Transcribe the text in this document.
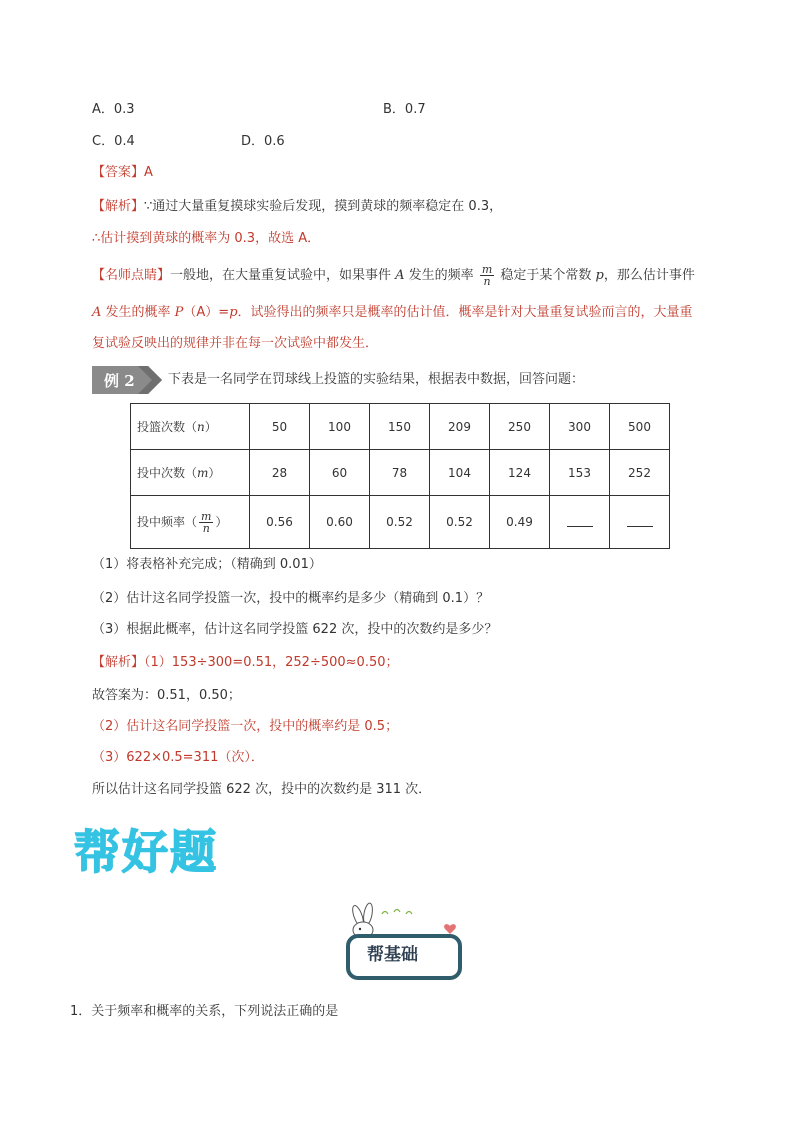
A．0.3	B．0.7
C．0.4	D．0.6
【答案】A
【解析】∵通过大量重复摸球实验后发现，摸到黄球的频率稳定在 0.3，
∴估计摸到黄球的概率为 0.3，故选 A．
【名师点睛】一般地，在大量重复试验中，如果事件 A 发生的频率 $\frac{m}{n}$ 稳定于某个常数 p，那么估计事件
A 发生的概率 P（A）=p．试验得出的频率只是概率的估计值．概率是针对大量重复试验而言的，大量重
复试验反映出的规律并非在每一次试验中都发生．
例 2	下表是一名同学在罚球线上投篮的实验结果，根据表中数据，回答问题：
投篮次数（n）	50	100	150	209	250	300	500
投中次数（m）	28	60	78	104	124	153	252
投中频率（ $\frac{m}{n}$ ）	0.56	0.60	0.52	0.52	0.49		
（1）将表格补充完成；（精确到 0.01）
（2）估计这名同学投篮一次，投中的概率约是多少（精确到 0.1）？
（3）根据此概率，估计这名同学投篮 622 次，投中的次数约是多少？
【解析】（1）153÷300=0.51，252÷500≈0.50；
故答案为：0.51，0.50；
（2）估计这名同学投篮一次，投中的概率约是 0.5；
（3）622×0.5=311（次）．
所以估计这名同学投篮 622 次，投中的次数约是 311 次．
帮好题
帮基础
1．关于频率和概率的关系，下列说法正确的是
